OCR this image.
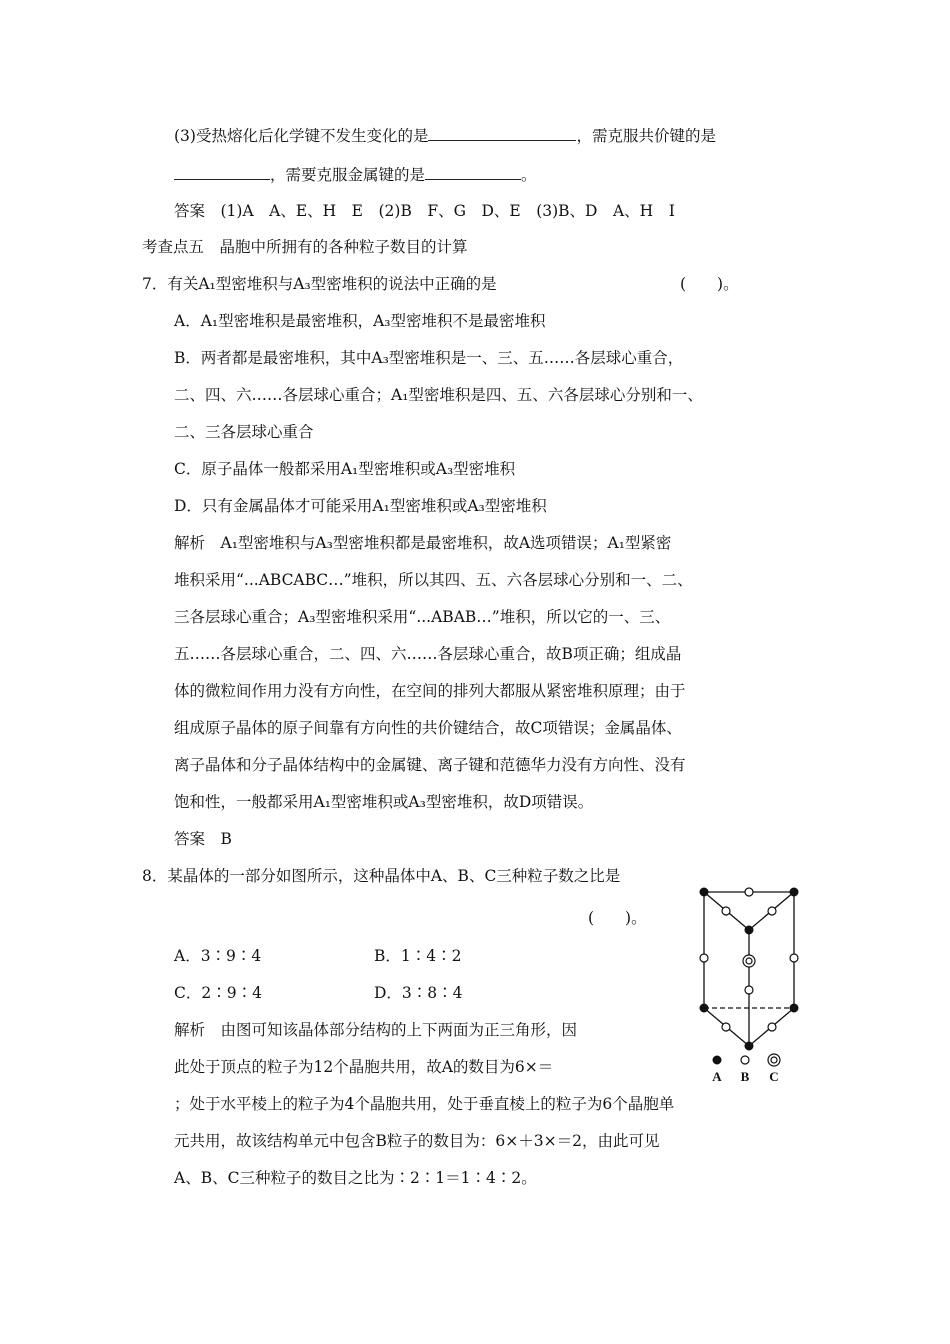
(3)受热熔化后化学键不发生变化的是	，需克服共价键的是
，需要克服金属键的是	。
答案　(1)A　A、E、H　E　(2)B　F、G　D、E　(3)B、D　A、H　I
考查点五　晶胞中所拥有的各种粒子数目的计算
7．有关A₁型密堆积与A₃型密堆积的说法中正确的是	(　　)。
A．A₁型密堆积是最密堆积，A₃型密堆积不是最密堆积
B．两者都是最密堆积，其中A₃型密堆积是一、三、五……各层球心重合，
二、四、六……各层球心重合；A₁型密堆积是四、五、六各层球心分别和一、
二、三各层球心重合
C．原子晶体一般都采用A₁型密堆积或A₃型密堆积
D．只有金属晶体才可能采用A₁型密堆积或A₃型密堆积
解析　A₁型密堆积与A₃型密堆积都是最密堆积，故A选项错误；A₁型紧密
堆积采用“...ABCABC…”堆积，所以其四、五、六各层球心分别和一、二、
三各层球心重合；A₃型密堆积采用“...ABAB…”堆积，所以它的一、三、
五……各层球心重合，二、四、六……各层球心重合，故B项正确；组成晶
体的微粒间作用力没有方向性，在空间的排列大都服从紧密堆积原理；由于
组成原子晶体的原子间靠有方向性的共价键结合，故C项错误；金属晶体、
离子晶体和分子晶体结构中的金属键、离子键和范德华力没有方向性、没有
饱和性，一般都采用A₁型密堆积或A₃型密堆积，故D项错误。
答案　B
8．某晶体的一部分如图所示，这种晶体中A、B、C三种粒子数之比是
(　　)。
A．3∶9∶4	B．1∶4∶2
C．2∶9∶4	D．3∶8∶4
解析　由图可知该晶体部分结构的上下两面为正三角形，因
此处于顶点的粒子为12个晶胞共用，故A的数目为6×＝
；处于水平棱上的粒子为4个晶胞共用，处于垂直棱上的粒子为6个晶胞单
元共用，故该结构单元中包含B粒子的数目为：6×＋3×＝2，由此可见
A、B、C三种粒子的数目之比为∶2∶1＝1∶4∶2。
A B C
